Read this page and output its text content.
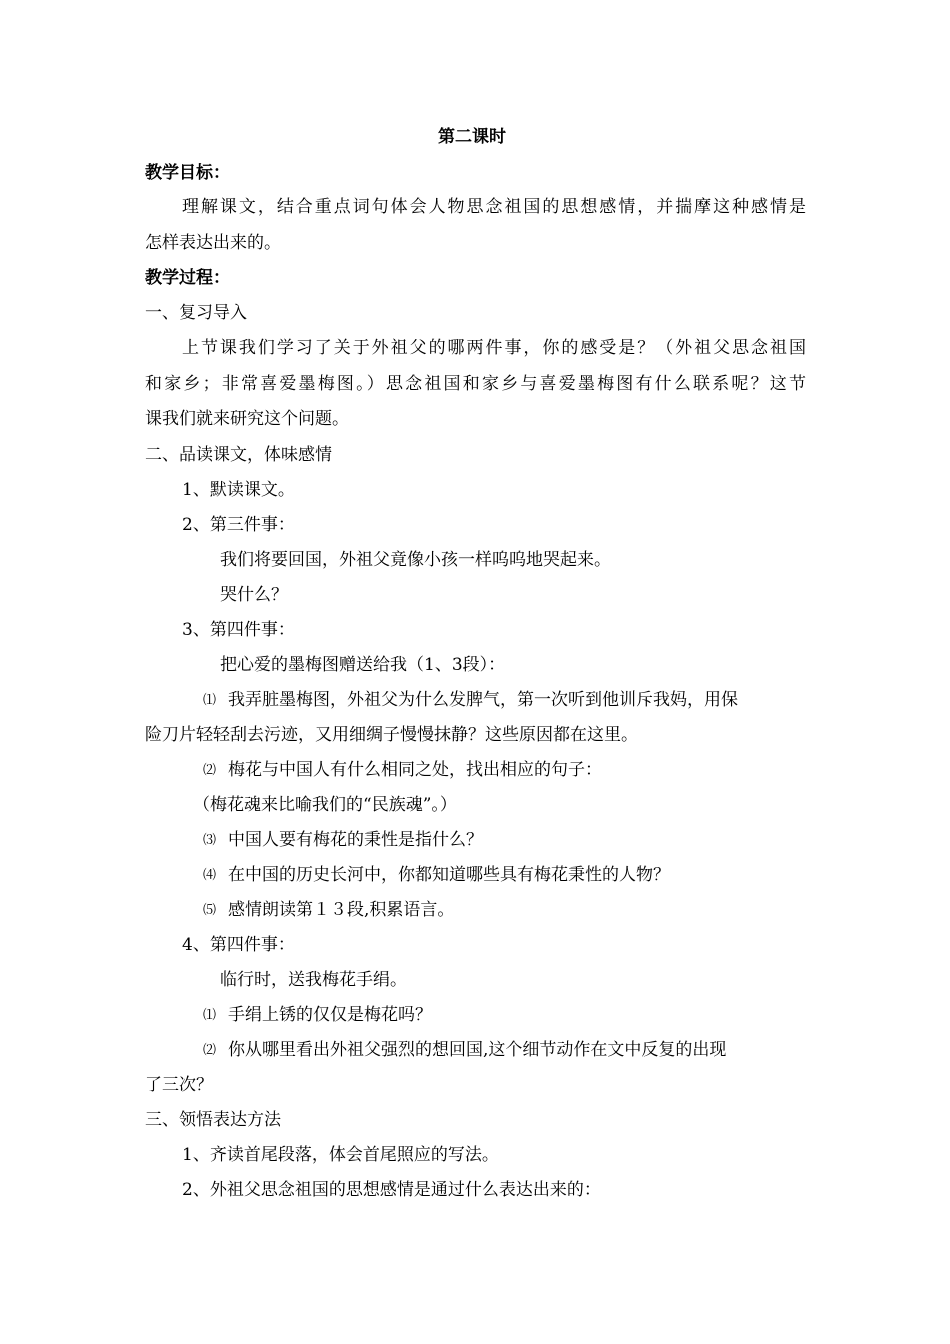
第二课时
教学目标：
理解课文，结合重点词句体会人物思念祖国的思想感情，并揣摩这种感情是
怎样表达出来的。
教学过程：
一、复习导入
上节课我们学习了关于外祖父的哪两件事，你的感受是？（外祖父思念祖国
和家乡；非常喜爱墨梅图。）思念祖国和家乡与喜爱墨梅图有什么联系呢？这节
课我们就来研究这个问题。
二、品读课文，体味感情
1、默读课文。
2、第三件事：
我们将要回国，外祖父竟像小孩一样呜呜地哭起来。
哭什么？
3、第四件事：
把心爱的墨梅图赠送给我（1、3段）：
⑴ 我弄脏墨梅图，外祖父为什么发脾气，第一次听到他训斥我妈，用保
险刀片轻轻刮去污迹，又用细绸子慢慢抹静？这些原因都在这里。
⑵ 梅花与中国人有什么相同之处，找出相应的句子：
（梅花魂来比喻我们的“民族魂”。）
⑶ 中国人要有梅花的秉性是指什么？
⑷ 在中国的历史长河中，你都知道哪些具有梅花秉性的人物？
⑸ 感情朗读第１３段,积累语言。
4、第四件事：
临行时，送我梅花手绢。
⑴ 手绢上锈的仅仅是梅花吗？
⑵ 你从哪里看出外祖父强烈的想回国,这个细节动作在文中反复的出现
了三次？
三、领悟表达方法
1、齐读首尾段落，体会首尾照应的写法。
2、外祖父思念祖国的思想感情是通过什么表达出来的：
